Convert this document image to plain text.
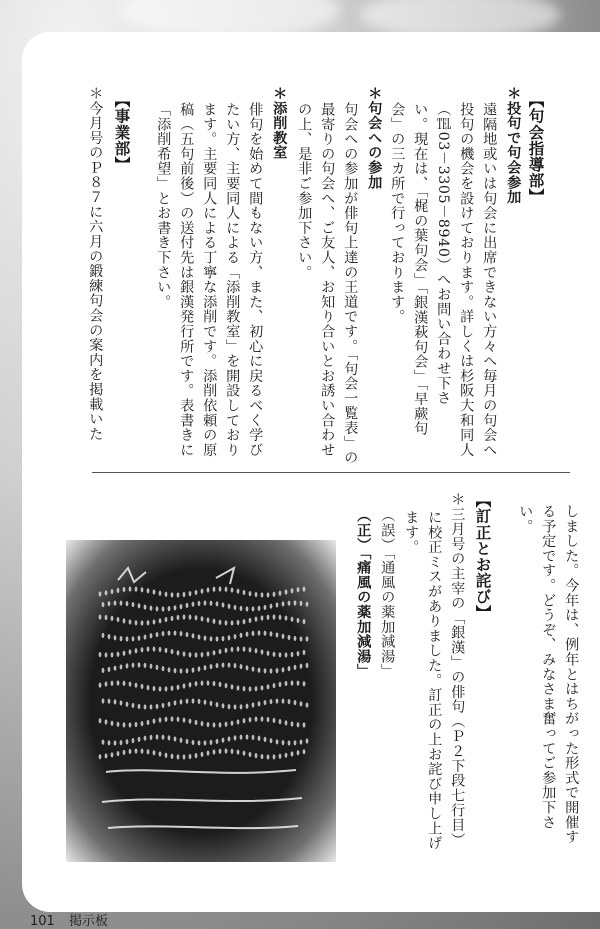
【句会指導部】
＊投句で句会参加
遠隔地或いは句会に出席できない方々へ毎月の句会へ
投句の機会を設けております。詳しくは杉阪大和同人
（℡03－3305－8940）へお問い合わせ下さ
い。現在は、「梶の葉句会」「銀漢萩句会」「早蕨句
会」の三カ所で行っております。
＊句会への参加
句会への参加が俳句上達の王道です。「句会一覧表」の
最寄りの句会へ、ご友人、お知り合いとお誘い合わせ
の上、是非ご参加下さい。
＊添削教室
俳句を始めて間もない方、また、初心に戻るべく学び
たい方、主要同人による「添削教室」を開設しており
ます。主要同人による丁寧な添削です。添削依頼の原
稿（五句前後）の送付先は銀漢発行所です。表書きに
「添削希望」とお書き下さい。
【事業部】
＊今月号のＰ８７に六月の鍛練句会の案内を掲載いた
しました。今年は、例年とはちがった形式で開催す
る予定です。どうぞ、みなさま奮ってご参加下さ
い。
【訂正とお詫び】
＊三月号の主宰の「銀漢」の俳句（Ｐ２下段七行目）
に校正ミスがありました。訂正の上お詫び申し上げ
ます。
（誤）「通風の薬加減湯」
（正）「痛風の薬加減湯」
101 掲示板
